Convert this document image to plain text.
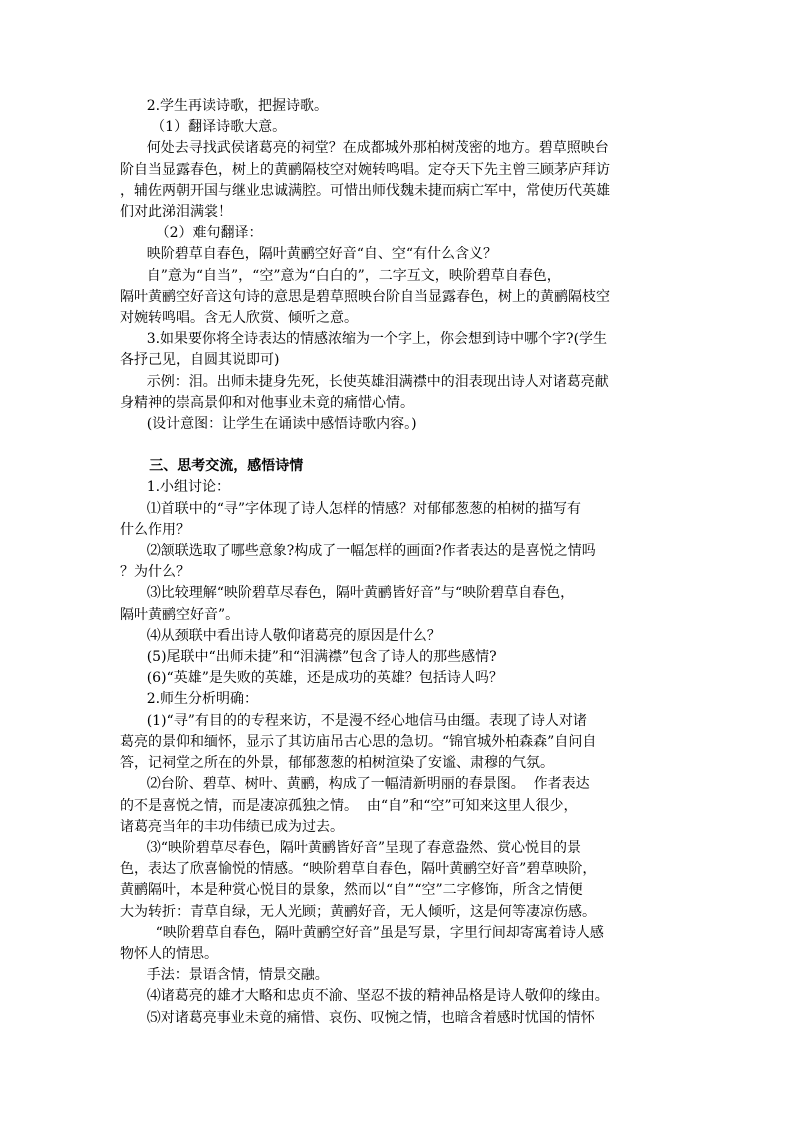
2.学生再读诗歌，把握诗歌。

（1）翻译诗歌大意。

何处去寻找武侯诸葛亮的祠堂？在成都城外那柏树茂密的地方。碧草照映台

阶自当显露春色，树上的黄鹂隔枝空对婉转鸣唱。定夺天下先主曾三顾茅庐拜访

，辅佐两朝开国与继业忠诚满腔。可惜出师伐魏未捷而病亡军中，常使历代英雄

们对此涕泪满裳！

（2）难句翻译：

映阶碧草自春色，隔叶黄鹂空好音“自、空“有什么含义？

自”意为“自当”，“空”意为“白白的”，二字互文，映阶碧草自春色，

隔叶黄鹂空好音这句诗的意思是碧草照映台阶自当显露春色，树上的黄鹂隔枝空

对婉转鸣唱。含无人欣赏、倾听之意。

3.如果要你将全诗表达的情感浓缩为一个字上，你会想到诗中哪个字?(学生

各抒己见，自圆其说即可)

示例：泪。出师未捷身先死，长使英雄泪满襟中的泪表现出诗人对诸葛亮献

身精神的崇高景仰和对他事业未竟的痛惜心情。

(设计意图：让学生在诵读中感悟诗歌内容。)

三、思考交流，感悟诗情

1.小组讨论：

⑴首联中的“寻”字体现了诗人怎样的情感？对郁郁葱葱的柏树的描写有

什么作用？

⑵颔联选取了哪些意象?构成了一幅怎样的画面?作者表达的是喜悦之情吗

？为什么？

⑶比较理解“映阶碧草尽春色，隔叶黄鹂皆好音”与“映阶碧草自春色，

隔叶黄鹂空好音”。

⑷从颈联中看出诗人敬仰诸葛亮的原因是什么？

(5)尾联中“出师未捷”和“泪满襟”包含了诗人的那些感情?

(6)“英雄”是失败的英雄，还是成功的英雄？包括诗人吗？

2.师生分析明确：

(1)“寻”有目的的专程来访，不是漫不经心地信马由缰。表现了诗人对诸

葛亮的景仰和缅怀，显示了其访庙吊古心思的急切。“锦官城外柏森森”自问自

答，记祠堂之所在的外景，郁郁葱葱的柏树渲染了安谧、肃穆的气氛。

⑵台阶、碧草、树叶、黄鹂，构成了一幅清新明丽的春景图。  作者表达

的不是喜悦之情，而是凄凉孤独之情。  由“自”和“空”可知来这里人很少，

诸葛亮当年的丰功伟绩已成为过去。

⑶“映阶碧草尽春色，隔叶黄鹂皆好音”呈现了春意盎然、赏心悦目的景

色，表达了欣喜愉悦的情感。“映阶碧草自春色，隔叶黄鹂空好音”碧草映阶，

黄鹂隔叶，本是种赏心悦目的景象，然而以“自”“空”二字修饰，所含之情便

大为转折：青草自绿，无人光顾；黄鹂好音，无人倾听，这是何等凄凉伤感。

“映阶碧草自春色，隔叶黄鹂空好音”虽是写景，字里行间却寄寓着诗人感

物怀人的情思。

手法：景语含情，情景交融。

⑷诸葛亮的雄才大略和忠贞不渝、坚忍不拔的精神品格是诗人敬仰的缘由。

⑸对诸葛亮事业未竟的痛惜、哀伤、叹惋之情，也暗含着感时忧国的情怀
